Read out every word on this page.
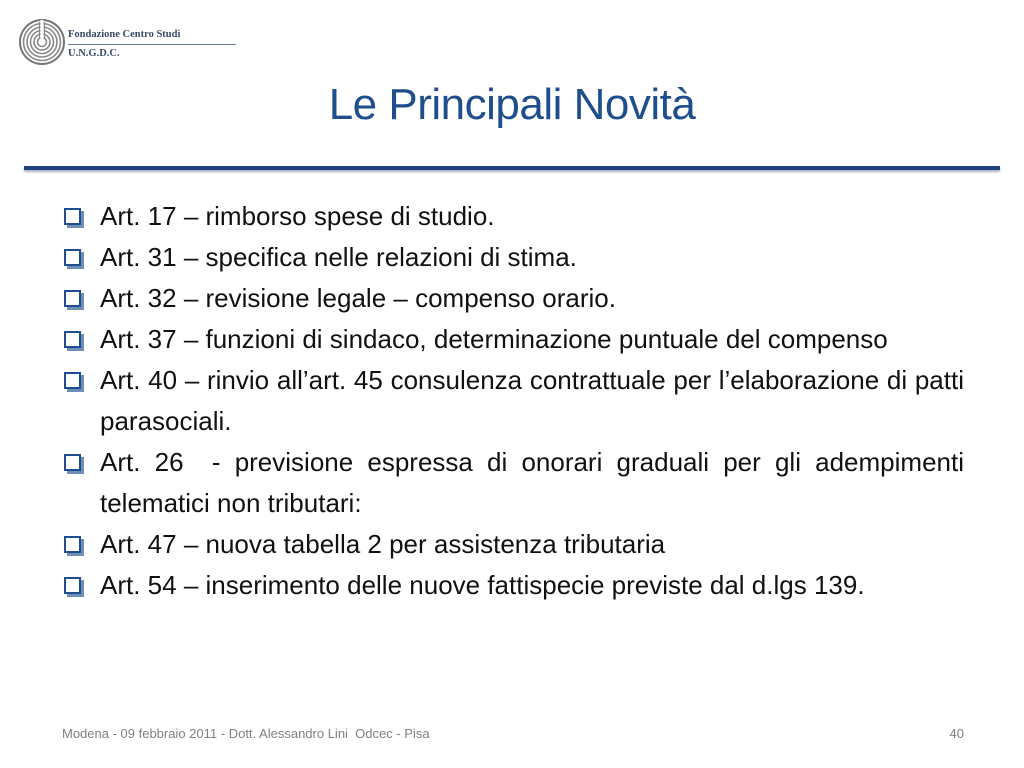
Fondazione Centro Studi
U.N.G.D.C.
Le Principali Novità
Art. 17 – rimborso spese di studio.
Art. 31 – specifica nelle relazioni di stima.
Art. 32 – revisione legale – compenso orario.
Art. 37 – funzioni di sindaco, determinazione puntuale del compenso
Art. 40 – rinvio all’art. 45 consulenza contrattuale per l’elaborazione di patti parasociali.
Art. 26  - previsione espressa di onorari graduali per gli adempimenti telematici non tributari:
Art. 47 – nuova tabella 2 per assistenza tributaria
Art. 54 – inserimento delle nuove fattispecie previste dal d.lgs 139.
Modena - 09 febbraio 2011 - Dott. Alessandro Lini  Odcec - Pisa	40
